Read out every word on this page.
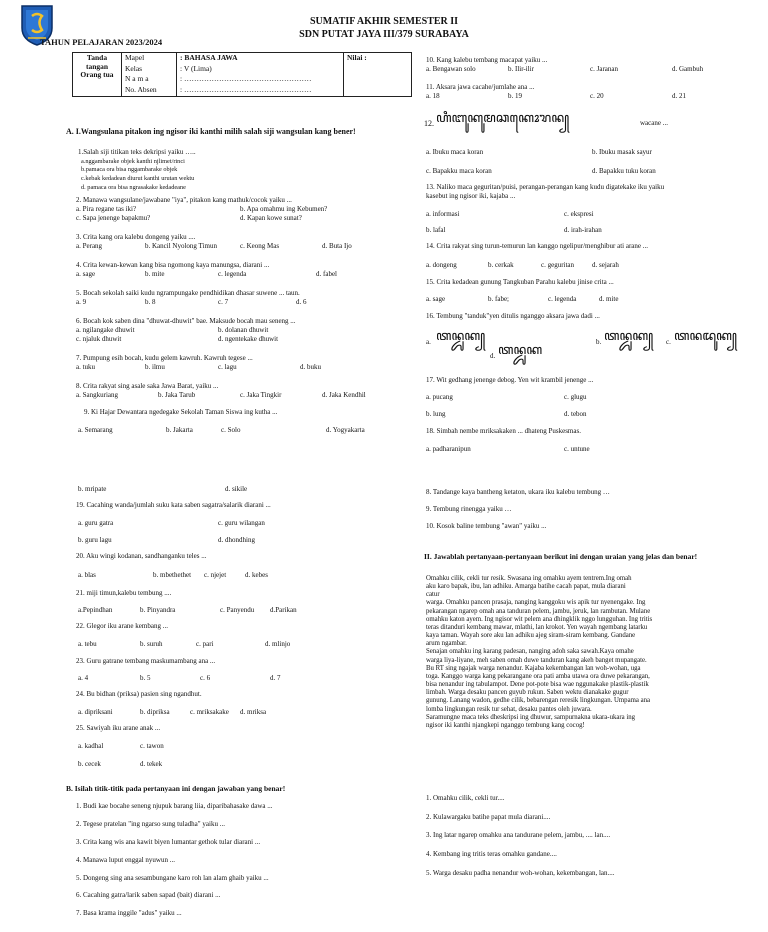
SUMATIF AKHIR SEMESTER II
SDN PUTAT JAYA III/379 SURABAYA
TAHUN PELAJARAN 2023/2024
Tanda tangan Orang tua	Mapel	: BAHASA JAWA	Nilai :
	Kelas	: V (Lima)	
	N a m a	: ……………………………………………	
	No. Absen	: ……………………………………………	
A. I.Wangsulana pitakon ing ngisor iki kanthi milih salah siji wangsulan kang bener!
1.Salah siji titikan teks dekripsi yaiku …..
a.nggambarake objek kanthi njlimet/rinci
b.pamaca ora bisa nggambarake objek
c.kebak kedadean diurut kanthi urutan wektu
d. pamaca ora bisa ngrasakake kedadeane
2. Manawa wangsulane/jawabane "iya", pitakon kang mathuk/cocok yaiku ...
a. Pira regane tas iki?	b. Apa omahmu ing Kebumen?
c. Sapa jenenge bapakmu?	d. Kapan kowe sunat?
3. Crita kang ora kalebu dongeng yaiku ....
a. Perang	b. Kancil Nyolong Timun	c. Keong Mas	d. Buta Ijo
4. Crita kewan-kewan kang bisa ngomong kaya manungsa, diarani ...
a. sage	b. mite	c. legenda	d. fabel
5. Bocah sekolah saiki kudu ngrampungake pendhidikan dhasar suwene ... taun.
a. 9	b. 8	c. 7	d. 6
6. Bocah kok saben dina "dhuwat-dhuwit" bae. Maksude bocah mau seneng ...
a. ngilangake dhuwit	b. dolanan dhuwit
c. njaluk dhuwit	d. ngentekake dhuwit
7. Pumpung esih bocah, kudu gelem kawruh. Kawruh tegese ...
a. tuku	b. ilmu	c. lagu	d. buku
8. Crita rakyat sing asale saka Jawa Barat, yaiku ...
a. Sangkuriang	b. Jaka Tarub	c. Jaka Tingkir	d. Jaka Kendhil
9. Ki Hajar Dewantara ngedegake Sekolah Taman Siswa ing kutha ...
a. Semarang	b. Jakarta	c. Solo	d. Yogyakarta
b. mripate	d. sikile
19. Cacahing wanda/jumlah suku kata saben sagatra/salarik diarani ...
a. guru gatra	c. guru wilangan
b. guru lagu	d. dhondhing
20. Aku wingi kodanan, sandhanganku teles ...
a. blas	b. mbethethet c. njejet	d. kebes
21. miji timun,kalebu tembung ....
a.Pepindhan	b. Pinyandra	c. Panyendu d.Parikan
22. Glegor iku arane kembang ...
a. tebu	b. suruh	c. pari	d. mlinjo
23. Guru gatrane tembang maskumambang ana ...
a. 4	b. 5	c. 6	d. 7
24. Bu bidhan (priksa) pasien sing ngandhut.
a. dipriksani	b. dipriksa	c. mriksakake d. mriksa
25. Sawiyah iku arane anak ...
a. kadhal	c. tawon
b. cecek	d. tekek
B. Isilah titik-titik pada pertanyaan ini dengan jawaban yang benar!
1. Budi kae bocahe seneng njupuk barang liia, diparibahasake dawa ...
2. Tegese pratelan "ing ngarso sung tuladha" yaiku ...
3. Crita kang wis ana kawit biyen lumantar gethok tular diarani ...
4. Manawa luput enggal nyuwun ...
5. Dongeng sing ana sesambungane karo roh lan alam ghaib yaiku ...
6. Cacahing gatra/larik saben sapad (bait) diarani ...
7. Basa krama inggile "adus" yaiku ...
10. Kang kalebu tembang macapat yaiku ...
a. Bengawan solo	b. Ilir-ilir	c. Jaranan	d. Gambuh
11. Aksara jawa cacahe/jumlahe ana ...
a. 18	b. 19	c. 20	d. 21
12. ꦲꦶꦧꦸꦏꦸꦩꦕꦏꦺꦴꦫꦤ꧀	wacane ...
a. Ibuku maca koran	b. Ibuku masak sayur
c. Bapakku maca koran	d. Bapakku tuku koran
13. Naliko maca geguritan/puisi, perangan-perangan kang kudu digatekake iku yaiku
kasebut ing ngisor iki, kajaba ...
a. informasi	c. ekspresi
b. lafal	d. irah-irahan
14. Crita rakyat sing turun-temurun lan kanggo ngelipur/menghibur ati arane ...
a. dongeng	b. cerkak	c. geguritan	d. sejarah
15. Crita kedadean gunung Tangkuban Parahu kalebu jinise crita ...
a. sage	b. fabe;	c. legenda	d. mite
16. Tembung "tanduk"yen ditulis nganggo aksara jawa dadi ...
a. ꦠꦤ꧀ꦢꦸꦏ꧀	b. ꦠꦤ꧀ꦢꦸꦏ꧀ c. ꦠꦤꦢꦸꦏ꧀
d. ꦠꦤ꧀ꦢꦸꦏ
17. Wit gedhang jenenge debog. Yen wit krambil jenenge ...
a. pucang	c. glugu
b. lung	d. tebon
18. Simbah nembe mriksakaken ... dhateng Puskesmas.
a. padharanipun	c. untune
8. Tandange kaya bantheng ketaton, ukara iku kalebu tembung …
9. Tembung rinengga yaiku …
10. Kosok baline tembung "awan" yaiku ...
II. Jawablah pertanyaan-pertanyaan berikut ini dengan uraian yang jelas dan benar!

Omahku cilik, cekli tur resik. Swasana ing omahku ayem tentrem.Ing omah

aku karo bapak, ibu, lan adhiku. Amarga batihe cacah papat, mula diarani

catur

warga. Omahku pancen prasaja, nanging kanggoku wis apik tur nyenengake. Ing

pekarangan ngarep omah ana tanduran pelem, jambu, jeruk, lan rambutan. Mulane

omahku katon ayem. Ing ngisor wit pelem ana dhingklik nggo lungguhan. Ing tritis

teras ditanduri kembang mawar, mlathi, lan krokot. Yen wayah ngembang latarku

kaya taman. Wayah sore aku lan adhiku ajeg siram-siram kembang. Gandane

arum ngambar.

Senajan omahku ing karang padesan, nanging adoh saka sawah.Kaya omahe

warga liya-liyane, meh saben omah duwe tanduran kang akeh banget mupangate.

Bu RT sing ngajak warga nenandur. Kajaba kekembangan lan woh-wohan, uga

toga. Kanggo warga kang pekarangane ora pati amba utawa ora duwe pekarangan,

bisa nenandur ing tabulampot. Dene pot-pote bisa wae nggunakake plastik-plastik

limbah. Warga desaku pancen guyub rukun. Saben wektu dianakake gugur

gunung. Lanang wadon, gedhe cilik, bebarengan reresik lingkungan. Umpama ana

lomba lingkungan resik tur sehat, desaku pantes oleh juwara.

Saramungne maca teks dheskripsi ing dhuwur, sampurnakna ukara-ukara ing

ngisor iki kanthi njangkepi nganggo tembung kang cocog!

1. Omahku cilik, cekli tur....
2. Kulawargaku batihe papat mula diarani....
3. Ing latar ngarep omahku ana tandurane pelem, jambu, .... lan....
4. Kembang ing tritis teras omahku gandane....
5. Warga desaku padha nenandur woh-wohan, kekembangan, lan....
